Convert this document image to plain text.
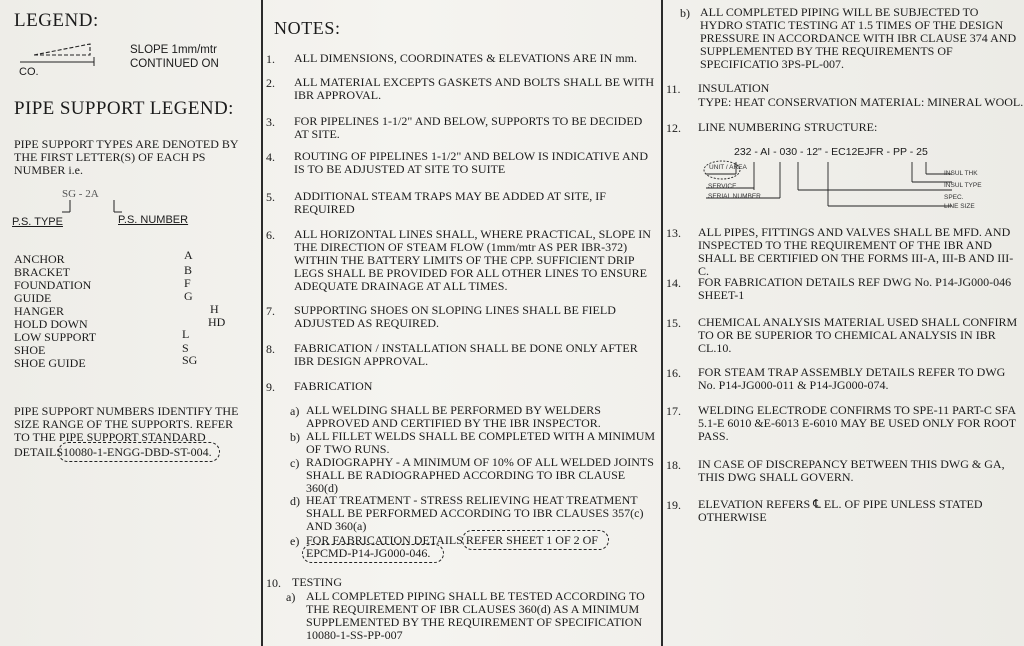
LEGEND:
SLOPE 1mm/mtr
CO.
CONTINUED ON
PIPE SUPPORT LEGEND:
PIPE SUPPORT TYPES ARE DENOTED BY THE FIRST LETTER(S) OF EACH PS NUMBER i.e.
SG - 2A
P.S. TYPE	P.S. NUMBER
ANCHOR	A
BRACKET	B
FOUNDATION	F
GUIDE	G
HANGER	H
HOLD DOWN	HD
LOW SUPPORT	L
SHOE	S
SHOE GUIDE	SG
PIPE SUPPORT NUMBERS IDENTIFY THE SIZE RANGE OF THE SUPPORTS. REFER TO THE PIPE SUPPORT STANDARD
DETAILS10080-1-ENGG-DBD-ST-004.
NOTES:
1. ALL DIMENSIONS, COORDINATES & ELEVATIONS ARE IN mm.
2. ALL MATERIAL EXCEPTS GASKETS AND BOLTS SHALL BE WITH IBR APPROVAL.
3. FOR PIPELINES 1-1/2" AND BELOW, SUPPORTS TO BE DECIDED AT SITE.
4. ROUTING OF PIPELINES 1-1/2" AND BELOW IS INDICATIVE AND IS TO BE ADJUSTED AT SITE TO SUITE
5. ADDITIONAL STEAM TRAPS MAY BE ADDED AT SITE, IF REQUIRED
6. ALL HORIZONTAL LINES SHALL, WHERE PRACTICAL, SLOPE IN THE DIRECTION OF STEAM FLOW (1mm/mtr AS PER IBR-372) WITHIN THE BATTERY LIMITS OF THE CPP. SUFFICIENT DRIP LEGS SHALL BE PROVIDED FOR ALL OTHER LINES TO ENSURE ADEQUATE DRAINAGE AT ALL TIMES.
7. SUPPORTING SHOES ON SLOPING LINES SHALL BE FIELD ADJUSTED AS REQUIRED.
8. FABRICATION / INSTALLATION SHALL BE DONE ONLY AFTER IBR DESIGN APPROVAL.
9. FABRICATION
a) ALL WELDING SHALL BE PERFORMED BY WELDERS APPROVED AND CERTIFIED BY THE IBR INSPECTOR.
b) ALL FILLET WELDS SHALL BE COMPLETED WITH A MINIMUM OF TWO RUNS.
c) RADIOGRAPHY - A MINIMUM OF 10% OF ALL WELDED JOINTS SHALL BE RADIOGRAPHED ACCORDING TO IBR CLAUSE 360(d)
d) HEAT TREATMENT - STRESS RELIEVING HEAT TREATMENT SHALL BE PERFORMED ACCORDING TO IBR CLAUSES 357(c) AND 360(a)
e) FOR FABRICATION DETAILS REFER SHEET 1 OF 2 OF
EPCMD-P14-JG000-046.
10. TESTING
a) ALL COMPLETED PIPING SHALL BE TESTED ACCORDING TO THE REQUIREMENT OF IBR CLAUSES 360(d) AS A MINIMUM SUPPLEMENTED BY THE REQUIREMENT OF SPECIFICATION 10080-1-SS-PP-007
b) ALL COMPLETED PIPING WILL BE SUBJECTED TO HYDRO STATIC TESTING AT 1.5 TIMES OF THE DESIGN PRESSURE IN ACCORDANCE WITH IBR CLAUSE 374 AND SUPPLEMENTED BY THE REQUIREMENTS OF SPECIFICATIO 3PS-PL-007.
11. INSULATION
TYPE: HEAT CONSERVATION MATERIAL: MINERAL WOOL.
12. LINE NUMBERING STRUCTURE:
232 - AI - 030 - 12" - EC12EJFR - PP - 25
UNIT / AREA
SERVICE
SERIAL NUMBER
INSUL THK
INSUL TYPE
SPEC.
LINE SIZE
13. ALL PIPES, FITTINGS AND VALVES SHALL BE MFD. AND INSPECTED TO THE REQUIREMENT OF THE IBR AND SHALL BE CERTIFIED ON THE FORMS III-A, III-B AND III-C.
14. FOR FABRICATION DETAILS REF DWG No. P14-JG000-046 SHEET-1
15. CHEMICAL ANALYSIS MATERIAL USED SHALL CONFIRM TO OR BE SUPERIOR TO CHEMICAL ANALYSIS IN IBR CL.10.
16. FOR STEAM TRAP ASSEMBLY DETAILS REFER TO DWG No. P14-JG000-011 & P14-JG000-074.
17. WELDING ELECTRODE CONFIRMS TO SPE-11 PART-C SFA 5.1-E 6010 &E-6013 E-6010 MAY BE USED ONLY FOR ROOT PASS.
18. IN CASE OF DISCREPANCY BETWEEN THIS DWG & GA, THIS DWG SHALL GOVERN.
19. ELEVATION REFERS ℄ EL. OF PIPE UNLESS STATED OTHERWISE
